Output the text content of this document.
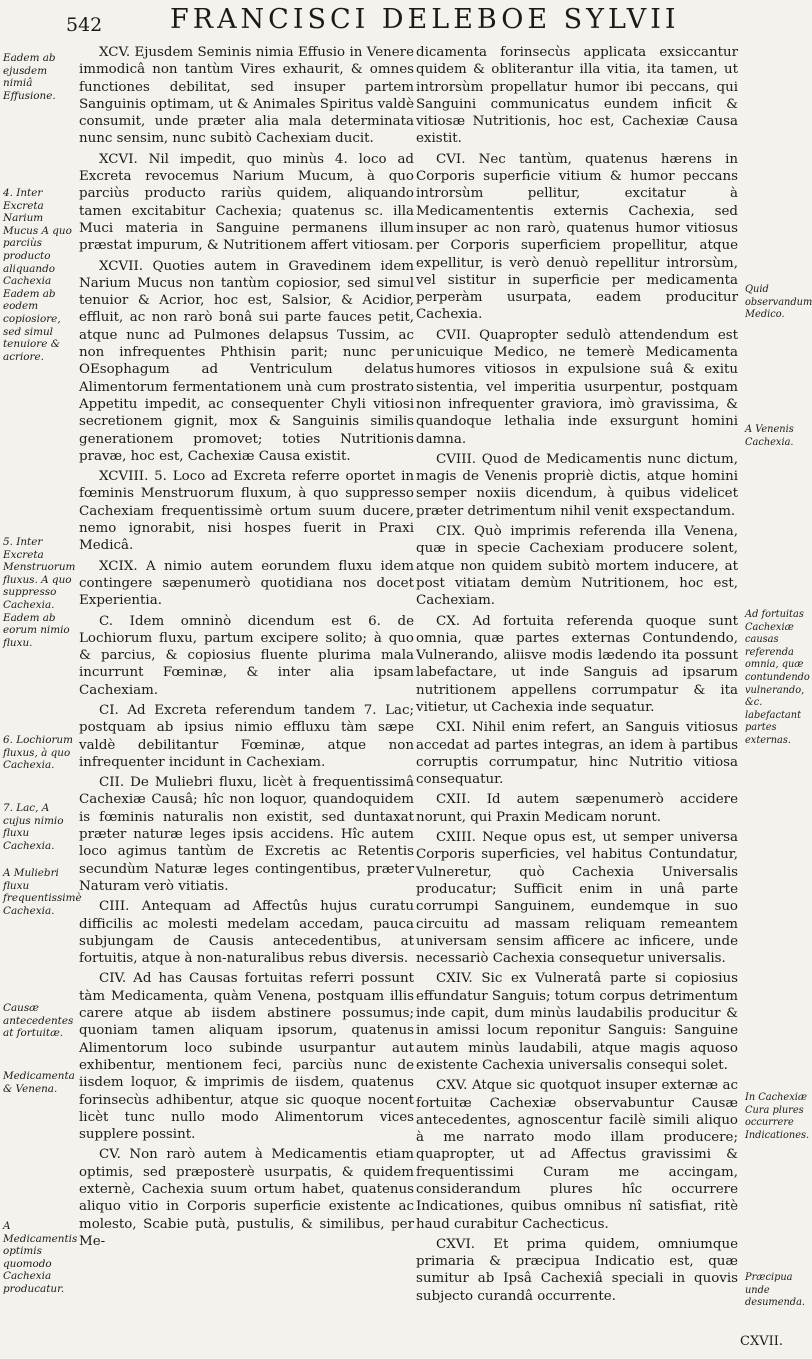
542	FRANCISCI DELEBOE SYLVII
Eadem ab ejusdem nimiâ Effusione.
4. Inter Excreta Narium Mucus A quo parciùs producto aliquando Cachexia Eadem ab eodem copiosiore, sed simul tenuiore & acriore.
5. Inter Excreta Menstruorum fluxus. A quo suppresso Cachexia. Eadem ab eorum nimio fluxu.
6. Lochiorum fluxus, à quo Cachexia.
7. Lac, A cujus nimio fluxu Cachexia.
A Muliebri fluxu frequentissimè Cachexia.
Causæ antecedentes at fortuitæ.
Medicamenta & Venena.
A Medicamentis optimis quomodo Cachexia producatur.

XCV. Ejusdem Seminis nimia Effusio in Venere immodicâ non tantùm Vires exhaurit, & omnes functiones debilitat, sed insuper partem Sanguinis optimam, ut & Animales Spiritus valdè consumit, unde præter alia mala determinata nunc sensim, nunc subitò Cachexiam ducit.

XCVI. Nil impedit, quo minùs 4. loco ad Excreta revocemus Narium Mucum, à quo parciùs producto rariùs quidem, aliquando tamen excitabitur Cachexia; quatenus sc. illa Muci materia in Sanguine permanens illum præstat impurum, & Nutritionem affert vitiosam.

XCVII. Quoties autem in Gravedinem idem Narium Mucus non tantùm copiosior, sed simul tenuior & Acrior, hoc est, Salsior, & Acidior, effluit, ac non rarò bonâ sui parte fauces petit, atque nunc ad Pulmones delapsus Tussim, ac non infrequentes Phthisin parit; nunc per OEsophagum ad Ventriculum delatus Alimentorum fermentationem unà cum prostrato Appetitu impedit, ac consequenter Chyli vitiosi secretionem gignit, mox & Sanguinis similis generationem promovet; toties Nutritionis pravæ, hoc est, Cachexiæ Causa existit.

XCVIII. 5. Loco ad Excreta referre oportet in fœminis Menstruorum fluxum, à quo suppresso Cachexiam frequentissimè ortum suum ducere, nemo ignorabit, nisi hospes fuerit in Praxi Medicâ.

XCIX. A nimio autem eorundem fluxu idem contingere sæpenumerò quotidiana nos docet Experientia.

C. Idem omninò dicendum est 6. de Lochiorum fluxu, partum excipere solito; à quo & parcius, & copiosius fluente plurima mala incurrunt Fœminæ, & inter alia ipsam Cachexiam.

CI. Ad Excreta referendum tandem 7. Lac; postquam ab ipsius nimio effluxu tàm sæpe valdè debilitantur Fœminæ, atque non infrequenter incidunt in Cachexiam.

CII. De Muliebri fluxu, licèt à frequentissimâ Cachexiæ Causâ; hîc non loquor, quandoquidem is fœminis naturalis non existit, sed duntaxat præter naturæ leges ipsis accidens. Hîc autem loco agimus tantùm de Excretis ac Retentis secundùm Naturæ leges contingentibus, præter Naturam verò vitiatis.

CIII. Antequam ad Affectûs hujus curatu difficilis ac molesti medelam accedam, pauca subjungam de Causis antecedentibus, at fortuitis, atque à non-naturalibus rebus diversis.

CIV. Ad has Causas fortuitas referri possunt tàm Medicamenta, quàm Venena, postquam illis carere atque ab iisdem abstinere possumus; quoniam tamen aliquam ipsorum, quatenus Alimentorum loco subinde usurpantur aut exhibentur, mentionem feci, parciùs nunc de iisdem loquor, & imprimis de iisdem, quatenus forinsecùs adhibentur, atque sic quoque nocent licèt tunc nullo modo Alimentorum vices supplere possint.

CV. Non rarò autem à Medicamentis etiam optimis, sed præposterè usurpatis, & quidem externè, Cachexia suum ortum habet, quatenus aliquo vitio in Corporis superficie existente ac molesto, Scabie putà, pustulis, & similibus, per Me-

dicamenta forinsecùs applicata exsiccantur quidem & obliterantur illa vitia, ita tamen, ut introrsùm propellatur humor ibi peccans, qui Sanguini communicatus eundem inficit & vitiosæ Nutritionis, hoc est, Cachexiæ Causa existit.

CVI. Nec tantùm, quatenus hærens in Corporis superficie vitium & humor peccans introrsùm pellitur, excitatur à Medicamententis externis Cachexia, sed insuper ac non rarò, quatenus humor vitiosus per Corporis superficiem propellitur, atque expellitur, is verò denuò repellitur introrsùm, vel sistitur in superficie per medicamenta perperàm usurpata, eadem producitur Cachexia.

CVII. Quapropter sedulò attendendum est unicuique Medico, ne temerè Medicamenta humores vitiosos in expulsione suâ & exitu sistentia, vel imperitia usurpentur, postquam non infrequenter graviora, imò gravissima, & quandoque lethalia inde exsurgunt homini damna.

CVIII. Quod de Medicamentis nunc dictum, magis de Venenis propriè dictis, atque homini semper noxiis dicendum, à quibus videlicet præter detrimentum nihil venit exspectandum.

CIX. Quò imprimis referenda illa Venena, quæ in specie Cachexiam producere solent, atque non quidem subitò mortem inducere, at post vitiatam demùm Nutritionem, hoc est, Cachexiam.

CX. Ad fortuita referenda quoque sunt omnia, quæ partes externas Contundendo, Vulnerando, aliisve modis lædendo ita possunt labefactare, ut inde Sanguis ad ipsarum nutritionem appellens corrumpatur & ita vitietur, ut Cachexia inde sequatur.

CXI. Nihil enim refert, an Sanguis vitiosus accedat ad partes integras, an idem à partibus corruptis corrumpatur, hinc Nutritio vitiosa consequatur.

CXII. Id autem sæpenumerò accidere norunt, qui Praxin Medicam norunt.

CXIII. Neque opus est, ut semper universa Corporis superficies, vel habitus Contundatur, Vulneretur, quò Cachexia Universalis producatur; Sufficit enim in unâ parte corrumpi Sanguinem, eundemque in suo circuitu ad massam reliquam remeantem universam sensim afficere ac inficere, unde necessariò Cachexia consequetur universalis.

CXIV. Sic ex Vulneratâ parte si copiosius effundatur Sanguis; totum corpus detrimentum inde capit, dum minùs laudabilis producitur & in amissi locum reponitur Sanguis: Sanguine autem minùs laudabili, atque magis aquoso existente Cachexia universalis consequi solet.

CXV. Atque sic quotquot insuper externæ ac fortuitæ Cachexiæ observabuntur Causæ antecedentes, agnoscentur facilè simili aliquo à me narrato modo illam producere; quapropter, ut ad Affectus gravissimi & frequentissimi Curam me accingam, considerandum plures hîc occurrere Indicationes, quibus omnibus nî satisfiat, ritè haud curabitur Cachecticus.

CXVI. Et prima quidem, omniumque primaria & præcipua Indicatio est, quæ sumitur ab Ipsâ Cachexiâ speciali in quovis subjecto curandâ occurrente.

Quid observandum Medico.
A Venenis Cachexia.
Ad fortuitas Cachexiæ causas referenda omnia, quæ contundendo vulnerando, &c. labefactant partes externas.
In Cachexiæ Cura plures occurrere Indicationes.
Præcipua unde desumenda.
CXVII.
